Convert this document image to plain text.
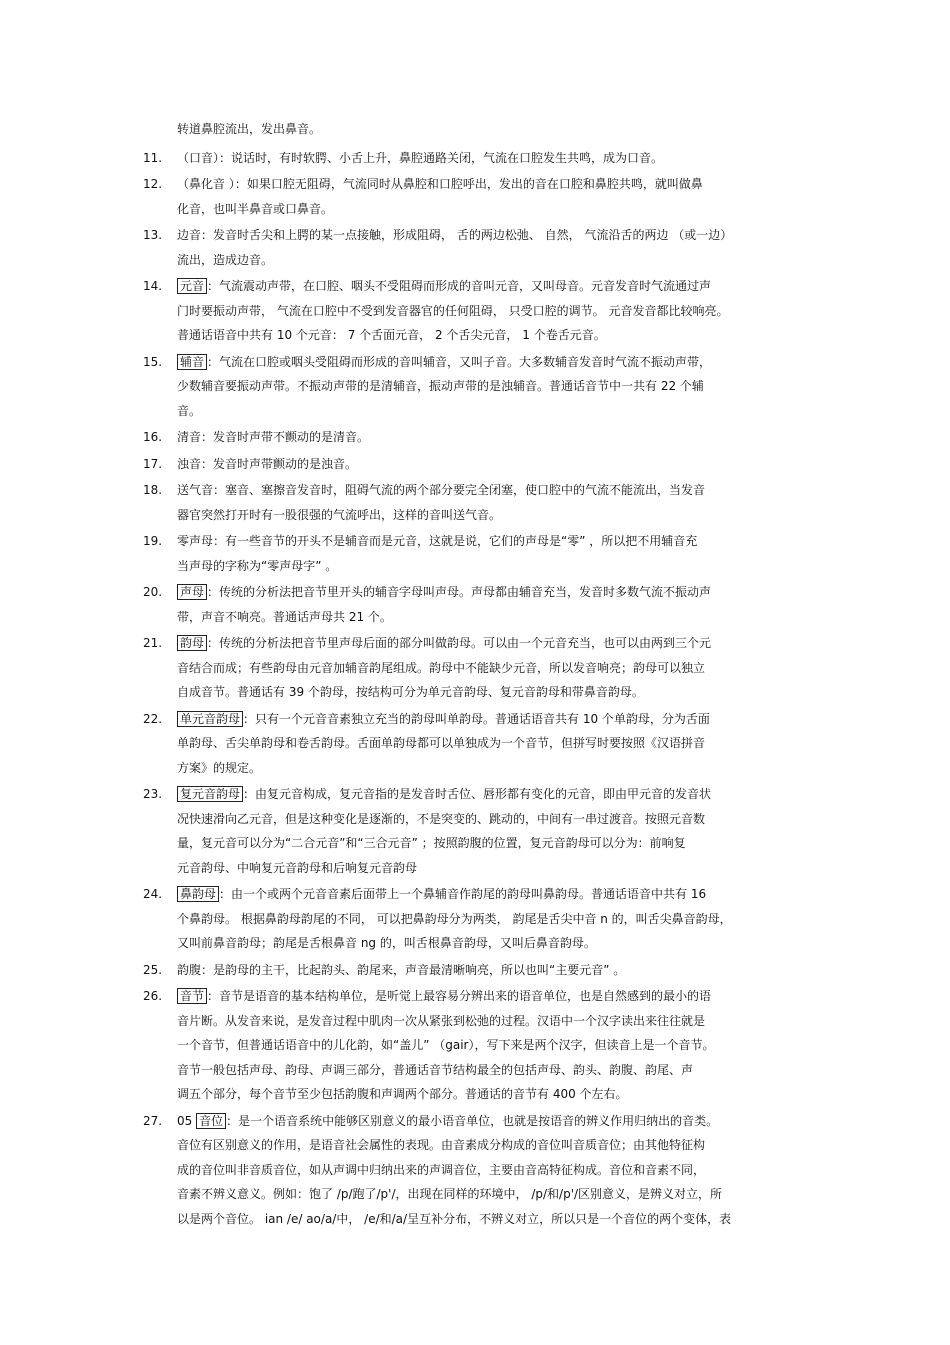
转道鼻腔流出，发出鼻音。
11. （口音）：说话时，有时软腭、小舌上升，鼻腔通路关闭，气流在口腔发生共鸣，成为口音。
12. （鼻化音 ）：如果口腔无阻碍，气流同时从鼻腔和口腔呼出，发出的音在口腔和鼻腔共鸣，就叫做鼻
化音，也叫半鼻音或口鼻音。
13. 边音：发音时舌尖和上腭的某一点接触，形成阻碍， 舌的两边松弛、 自然， 气流沿舌的两边 （或一边）
流出，造成边音。
14. 元音 ：气流震动声带，在口腔、咽头不受阻碍而形成的音叫元音，又叫母音。元音发音时气流通过声
门时要振动声带， 气流在口腔中不受到发音器官的任何阻碍， 只受口腔的调节。 元音发音都比较响亮。
普通话语音中共有 10 个元音： 7 个舌面元音， 2 个舌尖元音， 1 个卷舌元音。
15. 辅音 ：气流在口腔或咽头受阻碍而形成的音叫辅音，又叫子音。大多数辅音发音时气流不振动声带，
少数辅音要振动声带。不振动声带的是清辅音，振动声带的是浊辅音。普通话音节中一共有 22 个辅
音。
16. 清音：发音时声带不颤动的是清音。
17. 浊音：发音时声带颤动的是浊音。
18. 送气音：塞音、塞擦音发音时，阻碍气流的两个部分要完全闭塞，使口腔中的气流不能流出，当发音
器官突然打开时有一股很强的气流呼出，这样的音叫送气音。
19. 零声母：有一些音节的开头不是辅音而是元音，这就是说，它们的声母是“零” ，所以把不用辅音充
当声母的字称为“零声母字” 。
20. 声母 ：传统的分析法把音节里开头的辅音字母叫声母。声母都由辅音充当，发音时多数气流不振动声
带，声音不响亮。普通话声母共 21 个。
21. 韵母 ：传统的分析法把音节里声母后面的部分叫做韵母。可以由一个元音充当，也可以由两到三个元
音结合而成；有些韵母由元音加辅音韵尾组成。韵母中不能缺少元音，所以发音响亮；韵母可以独立
自成音节。普通话有 39 个韵母，按结构可分为单元音韵母、复元音韵母和带鼻音韵母。
22. 单元音韵母 ：只有一个元音音素独立充当的韵母叫单韵母。普通话语音共有 10 个单韵母，分为舌面
单韵母、舌尖单韵母和卷舌韵母。舌面单韵母都可以单独成为一个音节，但拼写时要按照《汉语拼音
方案》的规定。
23. 复元音韵母 ：由复元音构成，复元音指的是发音时舌位、唇形都有变化的元音，即由甲元音的发音状
况快速滑向乙元音，但是这种变化是逐渐的，不是突变的、跳动的，中间有一串过渡音。按照元音数
量，复元音可以分为“二合元音”和“三合元音” ；按照韵腹的位置，复元音韵母可以分为：前响复
元音韵母、中响复元音韵母和后响复元音韵母
24. 鼻韵母 ：由一个或两个元音音素后面带上一个鼻辅音作韵尾的韵母叫鼻韵母。普通话语音中共有 16
个鼻韵母。 根据鼻韵母韵尾的不同， 可以把鼻韵母分为两类， 韵尾是舌尖中音 n 的，叫舌尖鼻音韵母，
又叫前鼻音韵母；韵尾是舌根鼻音 ng 的，叫舌根鼻音韵母，又叫后鼻音韵母。
25. 韵腹：是韵母的主干，比起韵头、韵尾来，声音最清晰响亮，所以也叫“主要元音” 。
26. 音节 ：音节是语音的基本结构单位，是听觉上最容易分辨出来的语音单位，也是自然感到的最小的语
音片断。从发音来说，是发音过程中肌肉一次从紧张到松弛的过程。汉语中一个汉字读出来往往就是
一个音节，但普通话语音中的儿化韵，如“盖儿” （gair），写下来是两个汉字，但读音上是一个音节。
音节一般包括声母、韵母、声调三部分，普通话音节结构最全的包括声母、韵头、韵腹、韵尾、声
调五个部分，每个音节至少包括韵腹和声调两个部分。普通话的音节有 400 个左右。
27. 05 音位 ：是一个语音系统中能够区别意义的最小语音单位，也就是按语音的辨义作用归纳出的音类。
音位有区别意义的作用，是语音社会属性的表现。由音素成分构成的音位叫音质音位；由其他特征构
成的音位叫非音质音位，如从声调中归纳出来的声调音位，主要由音高特征构成。音位和音素不同，
音素不辨义意义。例如：饱了 /p/跑了/p'/，出现在同样的环境中， /p/和/p'/区别意义，是辨义对立，所
以是两个音位。 ian /e/ ao/a/中， /e/和/a/呈互补分布，不辨义对立，所以只是一个音位的两个变体，表
